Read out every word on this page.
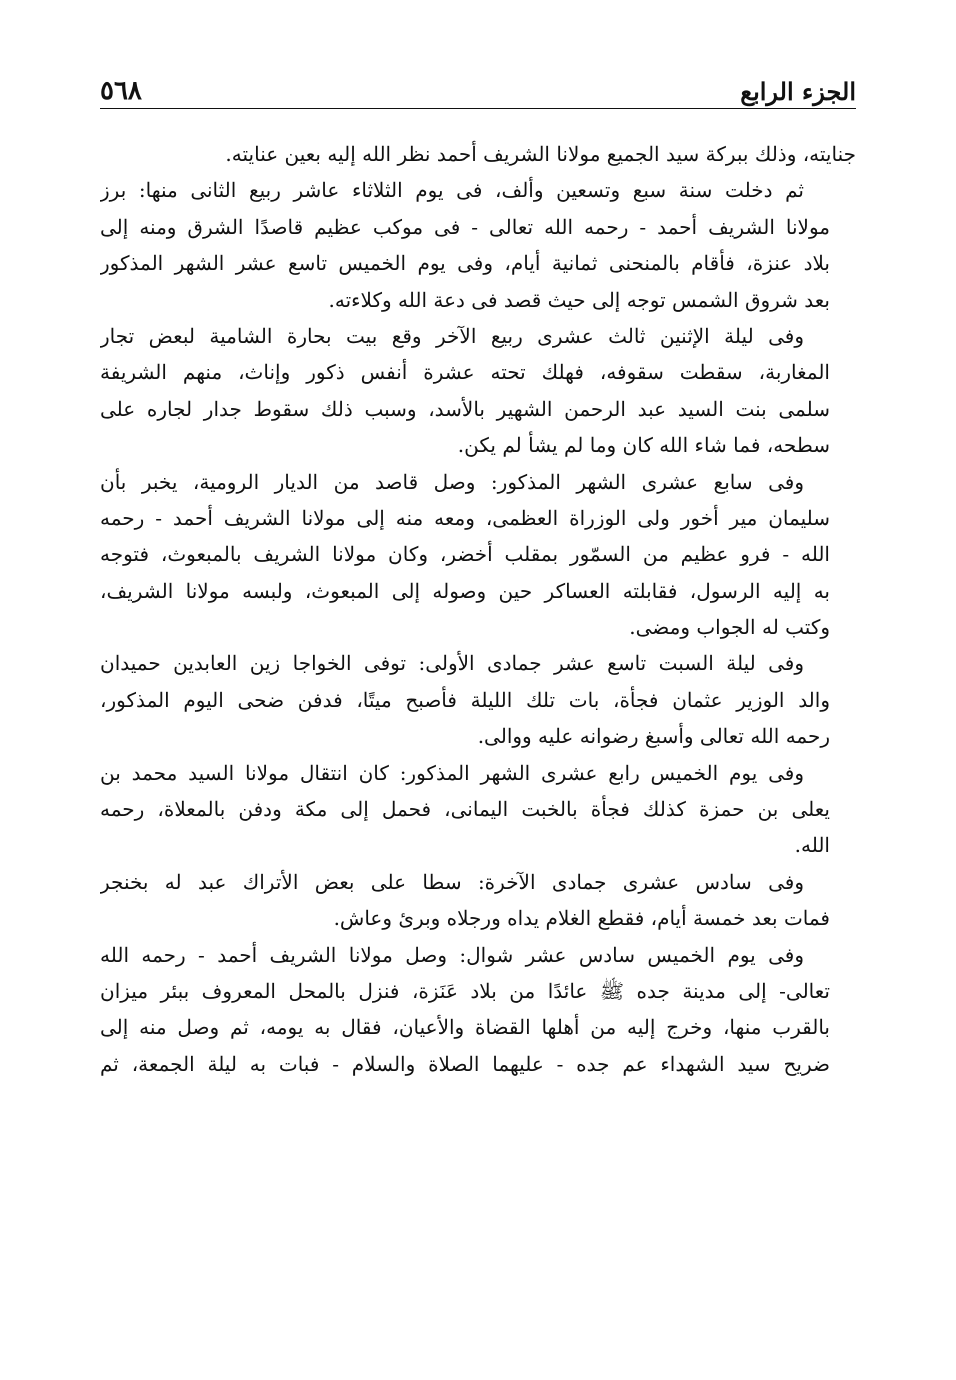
الجزء الرابع
٥٦٨
جنايته، وذلك ببركة سيد الجميع مولانا الشريف أحمد نظر الله إليه بعين عنايته.
ثم دخلت سنة سبع وتسعين وألف، فى يوم الثلاثاء عاشر ربيع الثانى منها: برز
مولانا الشريف أحمد - رحمه الله تعالى - فى موكب عظيم قاصدًا الشرق ومنه إلى
بلاد عنزة، فأقام بالمنحنى ثمانية أيام، وفى يوم الخميس تاسع عشر الشهر المذكور
بعد شروق الشمس توجه إلى حيث قصد فى دعة الله وكلاءته.
وفى ليلة الإثنين ثالث عشرى ربيع الآخر وقع بيت بحارة الشامية لبعض تجار
المغاربة، سقطت سقوفه، فهلك تحته عشرة أنفس ذكور وإناث، منهم الشريفة
سلمى بنت السيد عبد الرحمن الشهير بالأسد، وسبب ذلك سقوط جدار لجاره على
سطحه، فما شاء الله كان وما لم يشأ لم يكن.
وفى سابع عشرى الشهر المذكور: وصل قاصد من الديار الرومية، يخبر بأن
سليمان مير أخور ولى الوزراة العظمى، ومعه منه إلى مولانا الشريف أحمد - رحمه
الله - فرو عظيم من السمّور بمقلب أخضر، وكان مولانا الشريف بالمبعوث، فتوجه
به إليه الرسول، فقابلته العساكر حين وصوله إلى المبعوث، ولبسه مولانا الشريف،
وكتب له الجواب ومضى.
وفى ليلة السبت تاسع عشر جمادى الأولى: توفى الخواجا زين العابدين حميدان
والد الوزير عثمان فجأة، بات تلك الليلة فأصبح ميتًا، فدفن ضحى اليوم المذكور،
رحمه الله تعالى وأسبغ رضوانه عليه ووالى.
وفى يوم الخميس رابع عشرى الشهر المذكور: كان انتقال مولانا السيد محمد بن
يعلى بن حمزة كذلك فجأة بالخبت اليمانى، فحمل إلى مكة ودفن بالمعلاة، رحمه
الله.
وفى سادس عشرى جمادى الآخرة: سطا على بعض الأتراك عبد له بخنجر
فمات بعد خمسة أيام، فقطع الغلام يداه ورجلاه وبرئ وعاش.
وفى يوم الخميس سادس عشر شوال: وصل مولانا الشريف أحمد - رحمه الله
تعالى- إلى مدينة جده ﷺ عائدًا من بلاد عَنَزة، فنزل بالمحل المعروف ببئر ميزان
بالقرب منها، وخرج إليه من أهلها القضاة والأعيان، فقال به يومه، ثم وصل منه إلى
ضريح سيد الشهداء عم جده - عليهما الصلاة والسلام - فبات به ليلة الجمعة، ثم
